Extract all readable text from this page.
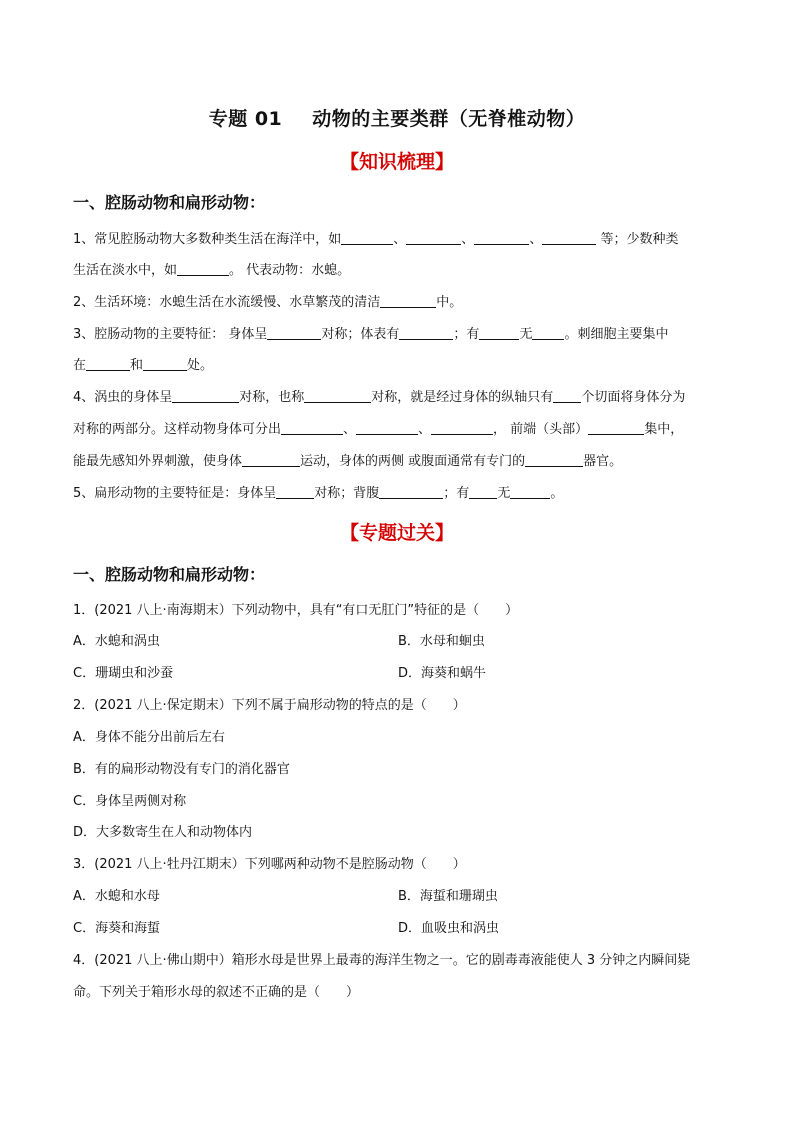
专题 01 动物的主要类群（无脊椎动物）
【知识梳理】
一、腔肠动物和扁形动物：
1、常见腔肠动物大多数种类生活在海洋中，如	、	、	、	等；少数种类
生活在淡水中，如	。 代表动物：水螅。
2、生活环境：水螅生活在水流缓慢、水草繁茂的清洁	中。
3、腔肠动物的主要特征： 身体呈	对称；体表有	；有	无 。刺细胞主要集中
在	和	处。
4、涡虫的身体呈	对称，也称	对称，就是经过身体的纵轴只有 个切面将身体分为
对称的两部分。这样动物身体可分出	、	、	， 前端（头部）	集中，
能最先感知外界刺激，使身体	运动，身体的两侧 或腹面通常有专门的	器官。
5、扁形动物的主要特征是：身体呈	对称；背腹	；有 无	。
【专题过关】
一、腔肠动物和扁形动物：
1．(2021 八上·南海期末）下列动物中，具有“有口无肛门”特征的是（　　）
A．水螅和涡虫	B．水母和蛔虫
C．珊瑚虫和沙蚕	D．海葵和蜗牛
2．(2021 八上·保定期末）下列不属于扁形动物的特点的是（　　）
A．身体不能分出前后左右
B．有的扁形动物没有专门的消化器官
C．身体呈两侧对称
D．大多数寄生在人和动物体内
3．(2021 八上·牡丹江期末）下列哪两种动物不是腔肠动物（　　）
A．水螅和水母	B．海蜇和珊瑚虫
C．海葵和海蜇	D．血吸虫和涡虫
4．(2021 八上·佛山期中）箱形水母是世界上最毒的海洋生物之一。它的剧毒毒液能使人 3 分钟之内瞬间毙
命。下列关于箱形水母的叙述不正确的是（　　）
